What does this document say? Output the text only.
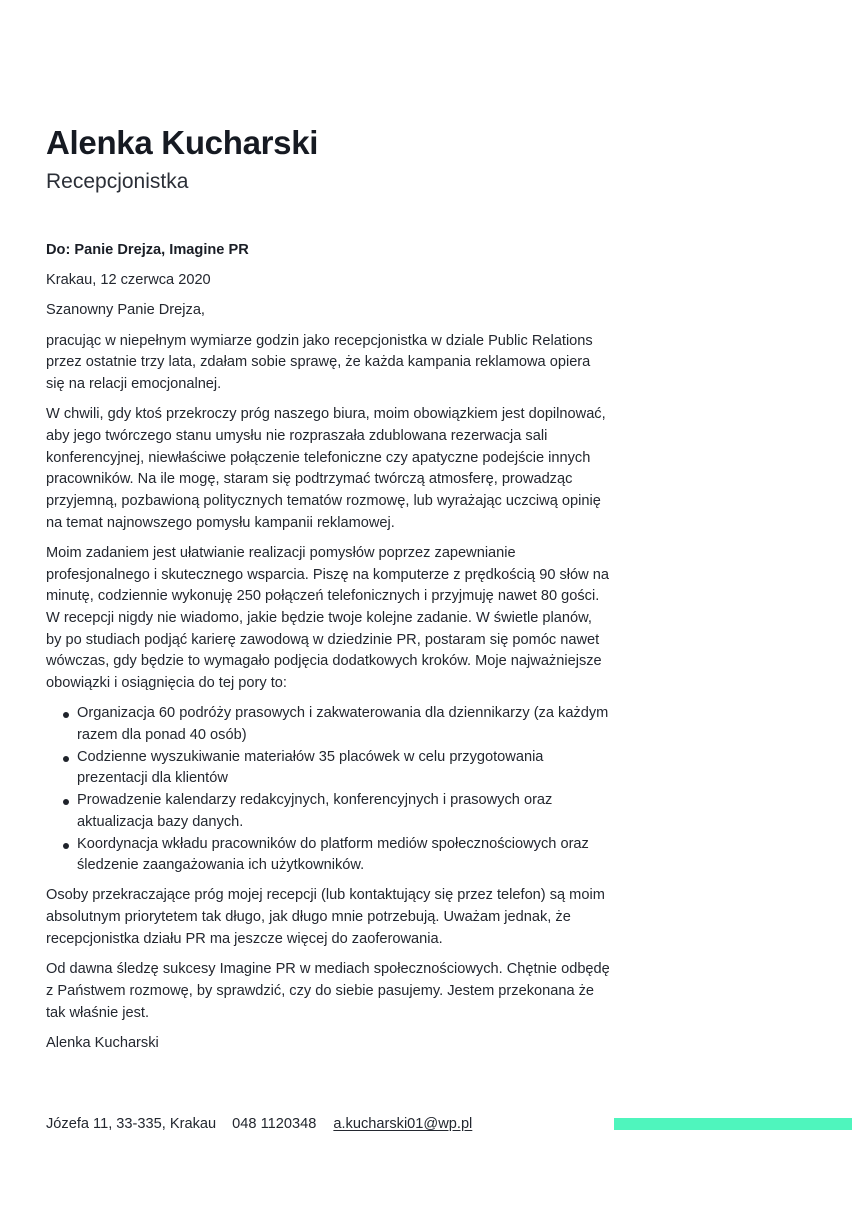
Alenka Kucharski
Recepcjonistka

Do: Panie Drejza, Imagine PR

Krakau, 12 czerwca 2020

Szanowny Panie Drejza,

pracując w niepełnym wymiarze godzin jako recepcjonistka w dziale Public Relations przez ostatnie trzy lata, zdałam sobie sprawę, że każda kampania reklamowa opiera się na relacji emocjonalnej.

W chwili, gdy ktoś przekroczy próg naszego biura, moim obowiązkiem jest dopilnować, aby jego twórczego stanu umysłu nie rozpraszała zdublowana rezerwacja sali konferencyjnej, niewłaściwe połączenie telefoniczne czy apatyczne podejście innych pracowników. Na ile mogę, staram się podtrzymać twórczą atmosferę, prowadząc przyjemną, pozbawioną politycznych tematów rozmowę, lub wyrażając uczciwą opinię na temat najnowszego pomysłu kampanii reklamowej.

Moim zadaniem jest ułatwianie realizacji pomysłów poprzez zapewnianie profesjonalnego i skutecznego wsparcia. Piszę na komputerze z prędkością 90 słów na minutę, codziennie wykonuję 250 połączeń telefonicznych i przyjmuję nawet 80 gości. W recepcji nigdy nie wiadomo, jakie będzie twoje kolejne zadanie. W świetle planów, by po studiach podjąć karierę zawodową w dziedzinie PR, postaram się pomóc nawet wówczas, gdy będzie to wymagało podjęcia dodatkowych kroków. Moje najważniejsze obowiązki i osiągnięcia do tej pory to:

Organizacja 60 podróży prasowych i zakwaterowania dla dziennikarzy (za każdym razem dla ponad 40 osób)
Codzienne wyszukiwanie materiałów 35 placówek w celu przygotowania prezentacji dla klientów
Prowadzenie kalendarzy redakcyjnych, konferencyjnych i prasowych oraz aktualizacja bazy danych.
Koordynacja wkładu pracowników do platform mediów społecznościowych oraz śledzenie zaangażowania ich użytkowników.

Osoby przekraczające próg mojej recepcji (lub kontaktujący się przez telefon) są moim absolutnym priorytetem tak długo, jak długo mnie potrzebują. Uważam jednak, że recepcjonistka działu PR ma jeszcze więcej do zaoferowania.

Od dawna śledzę sukcesy Imagine PR w mediach społecznościowych. Chętnie odbędę z Państwem rozmowę, by sprawdzić, czy do siebie pasujemy. Jestem przekonana że tak właśnie jest.

Alenka Kucharski

Józefa 11, 33-335, Krakau 048 1120348 a.kucharski01@wp.pl
